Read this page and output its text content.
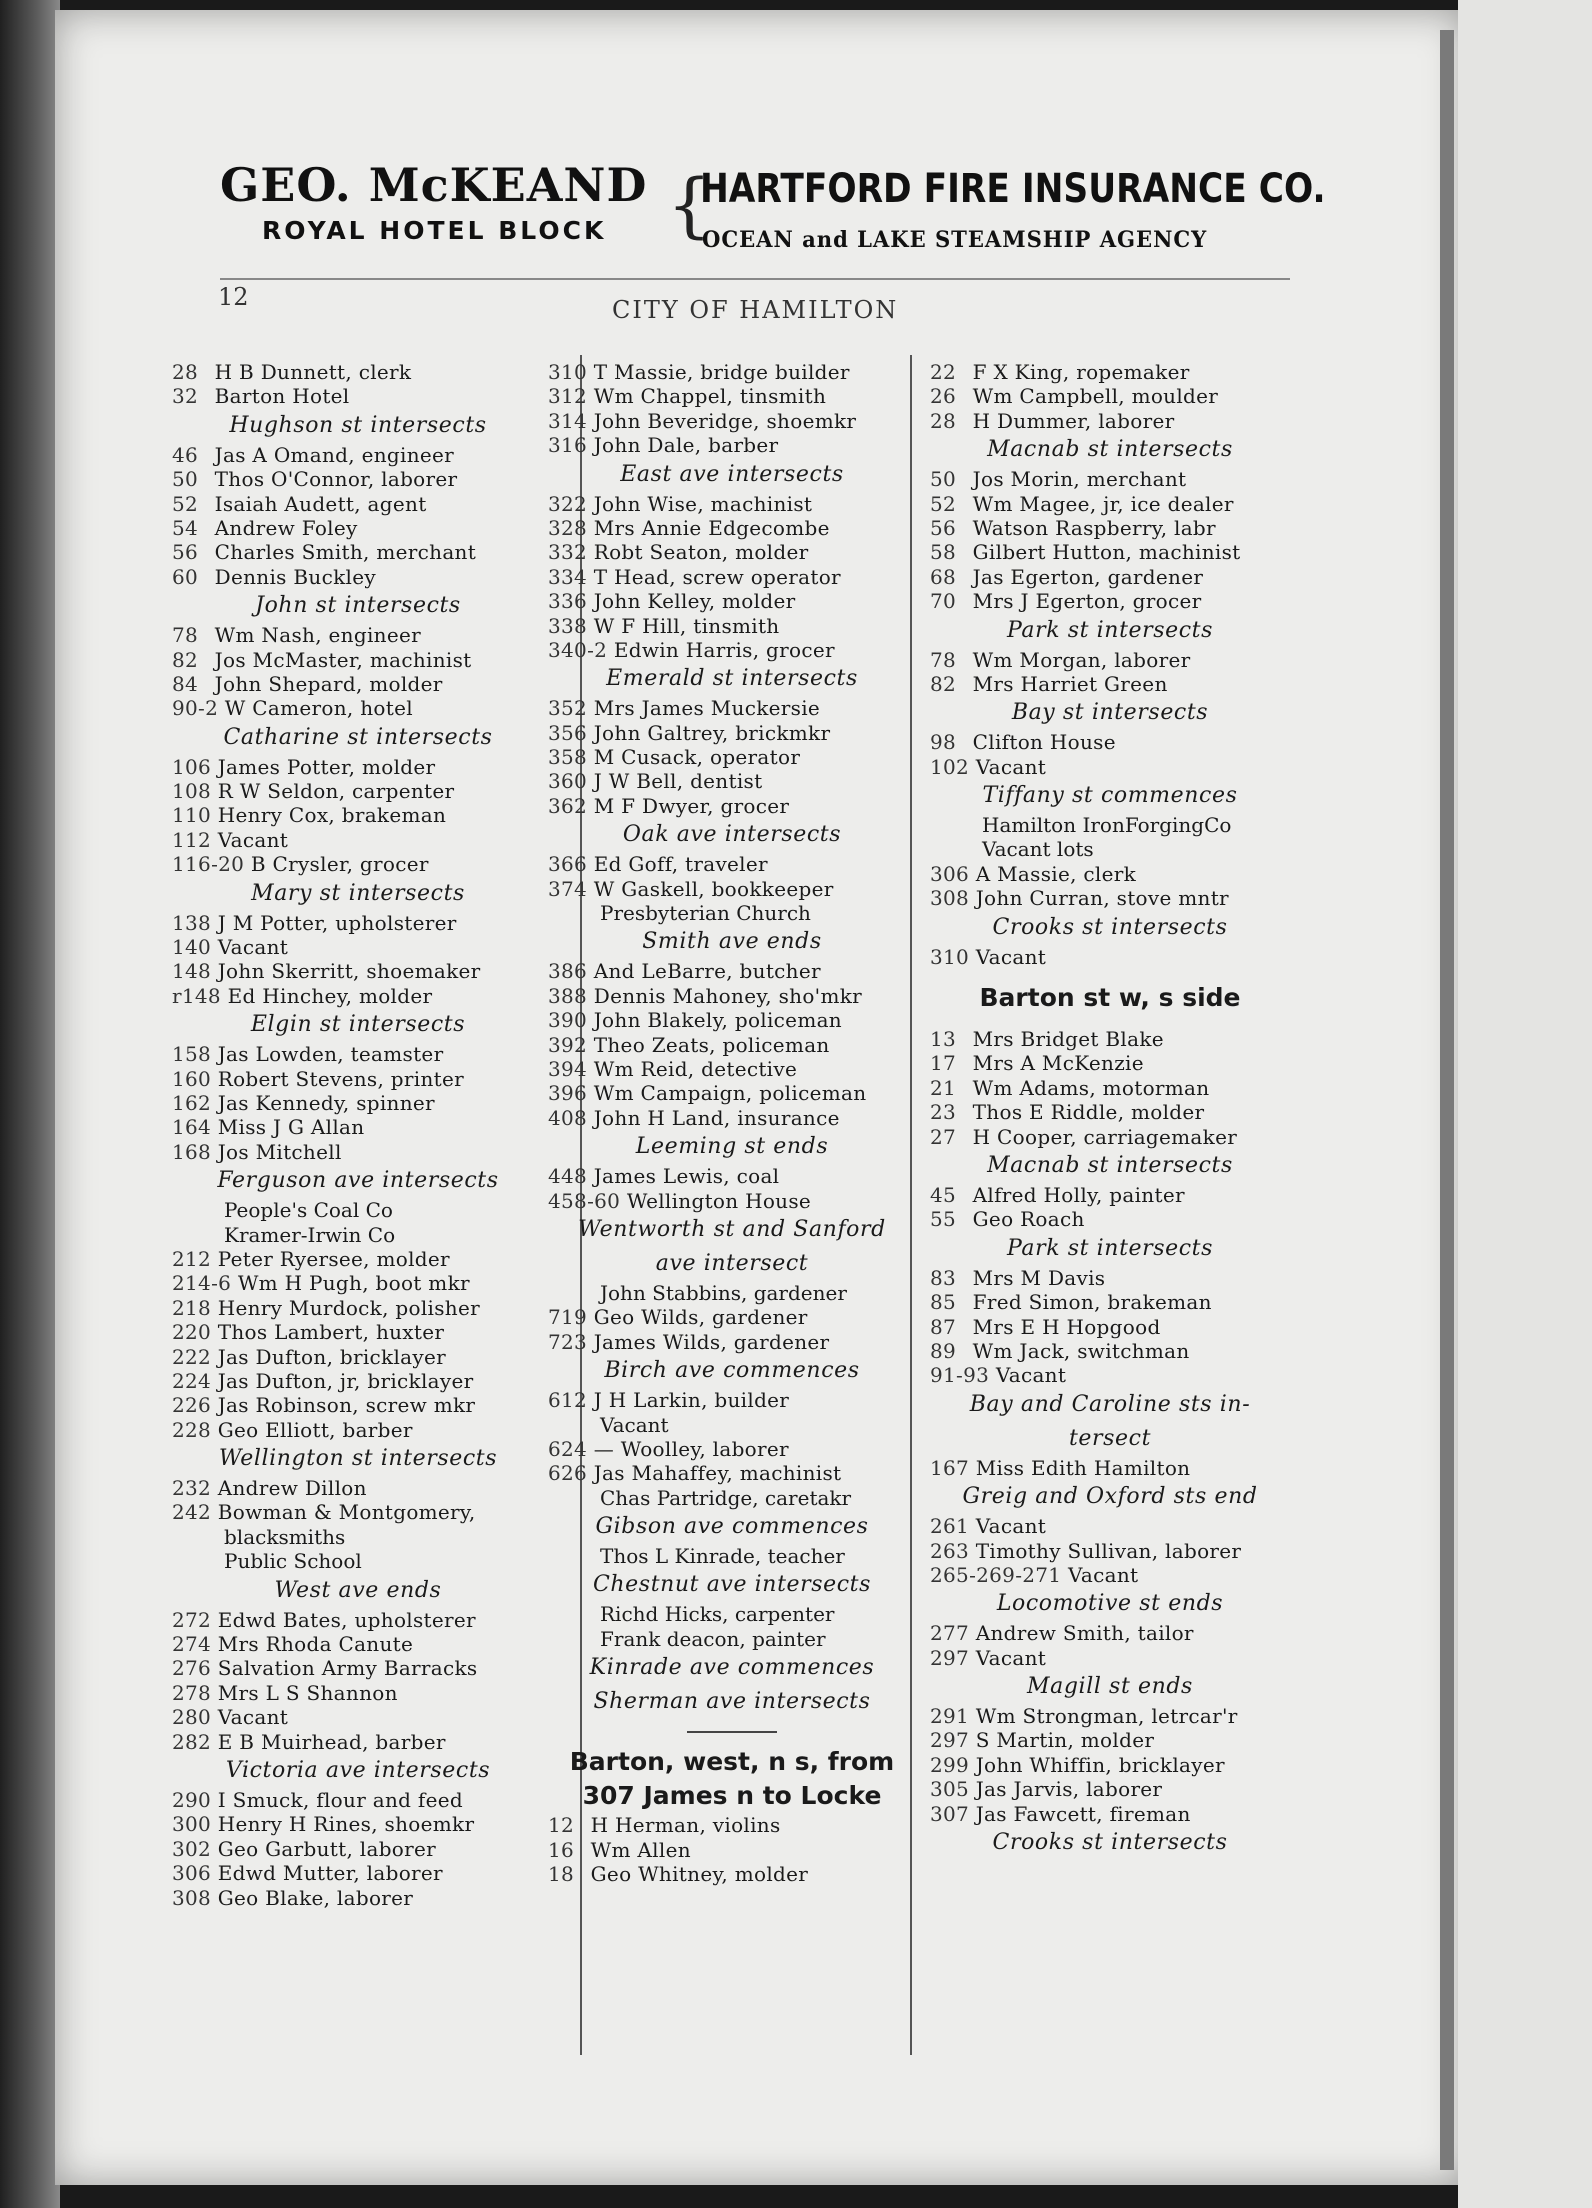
GEO. McKEAND
ROYAL HOTEL BLOCK {
HARTFORD FIRE INSURANCE CO.
OCEAN and LAKE STEAMSHIP AGENCY
12	CITY OF HAMILTON
28 H B Dunnett, clerk
32 Barton Hotel
Hughson st intersects
46 Jas A Omand, engineer
50 Thos O'Connor, laborer
52 Isaiah Audett, agent
54 Andrew Foley
56 Charles Smith, merchant
60 Dennis Buckley
John st intersects
78 Wm Nash, engineer
82 Jos McMaster, machinist
84 John Shepard, molder
90-2 W Cameron, hotel
Catharine st intersects
106 James Potter, molder
108 R W Seldon, carpenter
110 Henry Cox, brakeman
112 Vacant
116-20 B Crysler, grocer
Mary st intersects
138 J M Potter, upholsterer
140 Vacant
148 John Skerritt, shoemaker
r148 Ed Hinchey, molder
Elgin st intersects
158 Jas Lowden, teamster
160 Robert Stevens, printer
162 Jas Kennedy, spinner
164 Miss J G Allan
168 Jos Mitchell
Ferguson ave intersects
People's Coal Co
Kramer-Irwin Co
212 Peter Ryersee, molder
214-6 Wm H Pugh, boot mkr
218 Henry Murdock, polisher
220 Thos Lambert, huxter
222 Jas Dufton, bricklayer
224 Jas Dufton, jr, bricklayer
226 Jas Robinson, screw mkr
228 Geo Elliott, barber
Wellington st intersects
232 Andrew Dillon
242 Bowman & Montgomery,
blacksmiths
Public School
West ave ends
272 Edwd Bates, upholsterer
274 Mrs Rhoda Canute
276 Salvation Army Barracks
278 Mrs L S Shannon
280 Vacant
282 E B Muirhead, barber
Victoria ave intersects
290 I Smuck, flour and feed
300 Henry H Rines, shoemkr
302 Geo Garbutt, laborer
306 Edwd Mutter, laborer
308 Geo Blake, laborer
310 T Massie, bridge builder
312 Wm Chappel, tinsmith
314 John Beveridge, shoemkr
316 John Dale, barber
East ave intersects
322 John Wise, machinist
328 Mrs Annie Edgecombe
332 Robt Seaton, molder
334 T Head, screw operator
336 John Kelley, molder
338 W F Hill, tinsmith
340-2 Edwin Harris, grocer
Emerald st intersects
352 Mrs James Muckersie
356 John Galtrey, brickmkr
358 M Cusack, operator
360 J W Bell, dentist
362 M F Dwyer, grocer
Oak ave intersects
366 Ed Goff, traveler
374 W Gaskell, bookkeeper
Presbyterian Church
Smith ave ends
386 And LeBarre, butcher
388 Dennis Mahoney, sho'mkr
390 John Blakely, policeman
392 Theo Zeats, policeman
394 Wm Reid, detective
396 Wm Campaign, policeman
408 John H Land, insurance
Leeming st ends
448 James Lewis, coal
458-60 Wellington House
Wentworth st and Sanford
ave intersect
John Stabbins, gardener
719 Geo Wilds, gardener
723 James Wilds, gardener
Birch ave commences
612 J H Larkin, builder
Vacant
624 — Woolley, laborer
626 Jas Mahaffey, machinist
Chas Partridge, caretakr
Gibson ave commences
Thos L Kinrade, teacher
Chestnut ave intersects
Richd Hicks, carpenter
Frank deacon, painter
Kinrade ave commences
Sherman ave intersects
Barton, west, n s, from
307 James n to Locke
12 H Herman, violins
16 Wm Allen
18 Geo Whitney, molder
22 F X King, ropemaker
26 Wm Campbell, moulder
28 H Dummer, laborer
Macnab st intersects
50 Jos Morin, merchant
52 Wm Magee, jr, ice dealer
56 Watson Raspberry, labr
58 Gilbert Hutton, machinist
68 Jas Egerton, gardener
70 Mrs J Egerton, grocer
Park st intersects
78 Wm Morgan, laborer
82 Mrs Harriet Green
Bay st intersects
98 Clifton House
102 Vacant
Tiffany st commences
Hamilton IronForgingCo
Vacant lots
306 A Massie, clerk
308 John Curran, stove mntr
Crooks st intersects
310 Vacant
Barton st w, s side
13 Mrs Bridget Blake
17 Mrs A McKenzie
21 Wm Adams, motorman
23 Thos E Riddle, molder
27 H Cooper, carriagemaker
Macnab st intersects
45 Alfred Holly, painter
55 Geo Roach
Park st intersects
83 Mrs M Davis
85 Fred Simon, brakeman
87 Mrs E H Hopgood
89 Wm Jack, switchman
91-93 Vacant
Bay and Caroline sts in-
tersect
167 Miss Edith Hamilton
Greig and Oxford sts end
261 Vacant
263 Timothy Sullivan, laborer
265-269-271 Vacant
Locomotive st ends
277 Andrew Smith, tailor
297 Vacant
Magill st ends
291 Wm Strongman, letrcar'r
297 S Martin, molder
299 John Whiffin, bricklayer
305 Jas Jarvis, laborer
307 Jas Fawcett, fireman
Crooks st intersects
